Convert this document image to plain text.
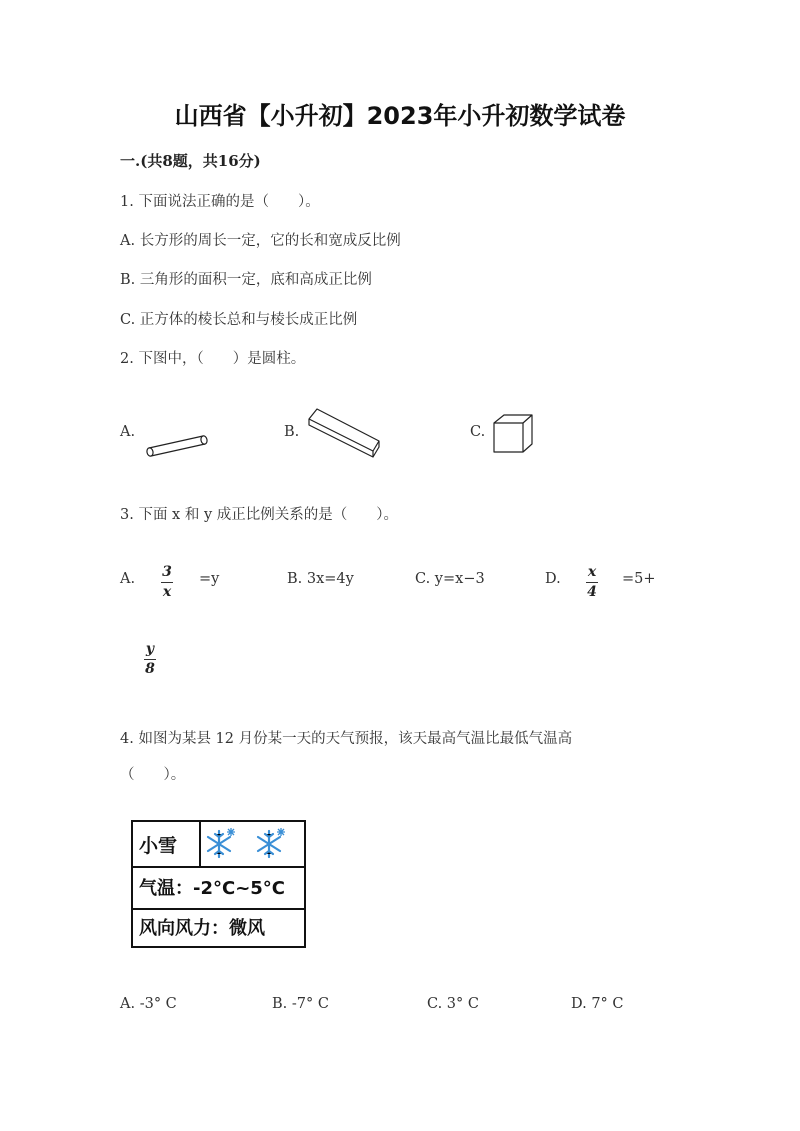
山西省【小升初】2023年小升初数学试卷
一.(共8题，共16分)
1. 下面说法正确的是（　　）。
A. 长方形的周长一定，它的长和宽成反比例
B. 三角形的面积一定，底和高成正比例
C. 正方体的棱长总和与棱长成正比例
2. 下图中，（　　）是圆柱。
A.	B.	C.
3. 下面 x 和 y 成正比例关系的是（　　）。
A. 3
x
=y	B. 3x=4y	C. y=x−3	D. x
4
=5+
y
8
4. 如图为某县 12 月份某一天的天气预报，该天最高气温比最低气温高
（　　）。
小雪
气温：-2°C~5°C
风向风力：微风
A. -3° C	B. -7° C	C. 3° C	D. 7° C
